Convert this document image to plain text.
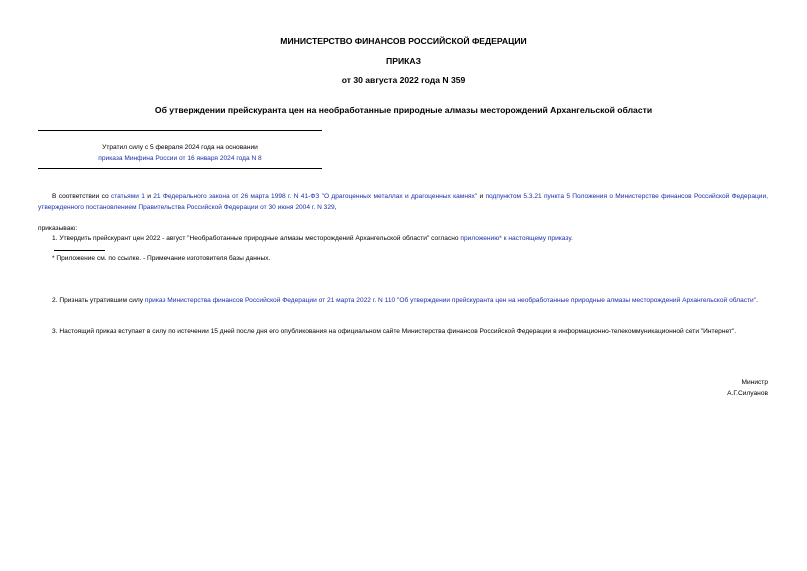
МИНИСТЕРСТВО ФИНАНСОВ РОССИЙСКОЙ ФЕДЕРАЦИИ
ПРИКАЗ
от 30 августа 2022 года N 359
Об утверждении прейскуранта цен на необработанные природные алмазы месторождений Архангельской области
Утратил силу с 5 февраля 2024 года на основании
приказа Минфина России от 16 января 2024 года N 8
В соответствии со статьями 1 и 21 Федерального закона от 26 марта 1998 г. N 41-ФЗ "О драгоценных металлах и драгоценных камнях" и подпунктом 5.3.21 пункта 5 Положения о Министерстве финансов Российской Федерации, утвержденного постановлением Правительства Российской Федерации от 30 июня 2004 г. N 329,
приказываю:
1. Утвердить прейскурант цен 2022 - август "Необработанные природные алмазы месторождений Архангельской области" согласно приложению* к настоящему приказу.
* Приложение см. по ссылке. - Примечание изготовителя базы данных.
2. Признать утратившим силу приказ Министерства финансов Российской Федерации от 21 марта 2022 г. N 110 "Об утверждении прейскуранта цен на необработанные природные алмазы месторождений Архангельской области".
3. Настоящий приказ вступает в силу по истечении 15 дней после дня его опубликования на официальном сайте Министерства финансов Российской Федерации в информационно-телекоммуникационной сети "Интернет".
Министр
А.Г.Силуанов
